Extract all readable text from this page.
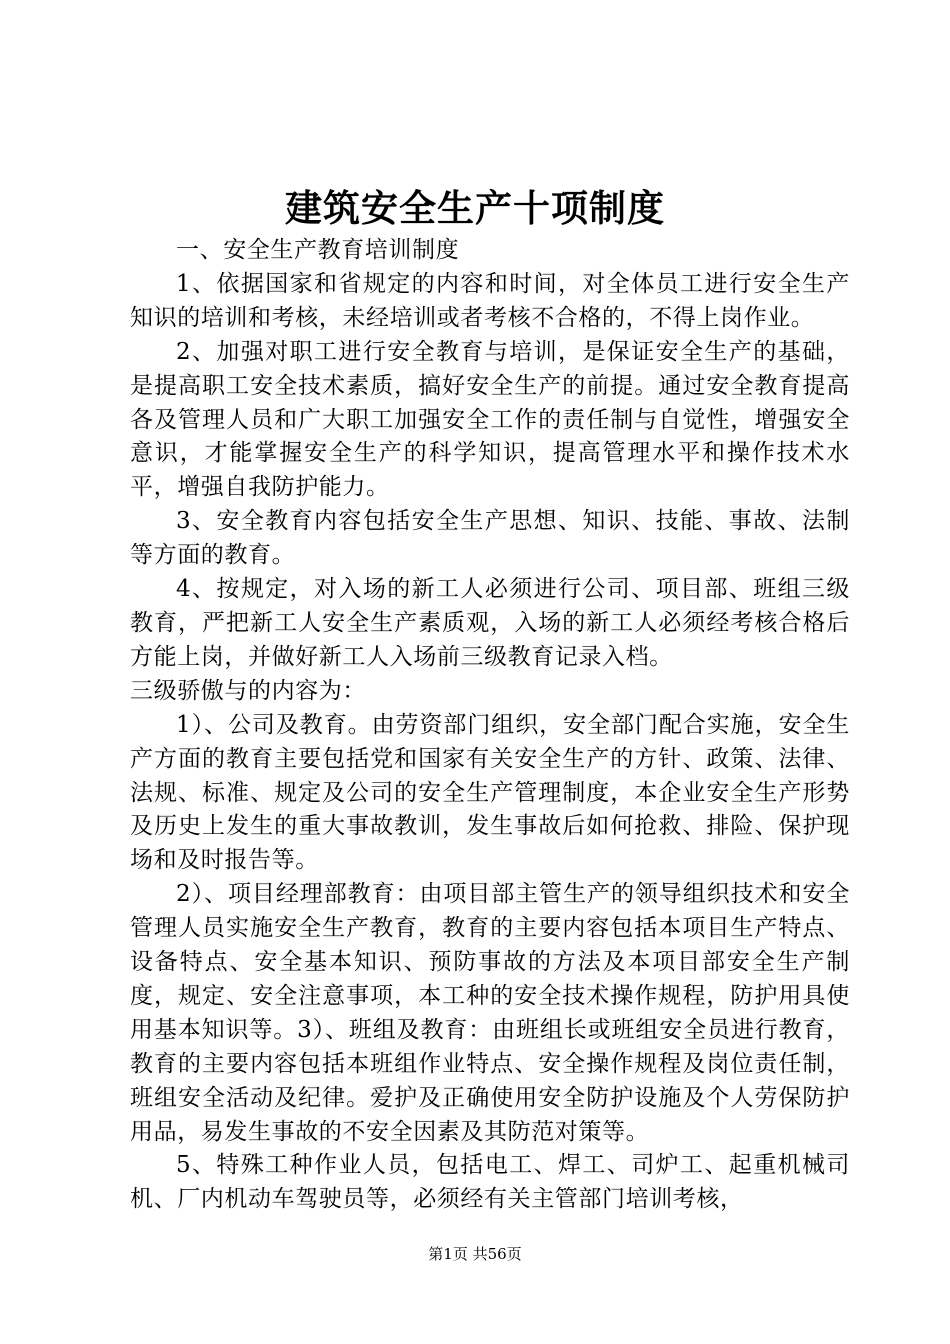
建筑安全生产十项制度

一、安全生产教育培训制度

1、依据国家和省规定的内容和时间，对全体员工进行安全生产知识的培训和考核，未经培训或者考核不合格的，不得上岗作业。

2、加强对职工进行安全教育与培训，是保证安全生产的基础，是提高职工安全技术素质，搞好安全生产的前提。通过安全教育提高各及管理人员和广大职工加强安全工作的责任制与自觉性，增强安全意识，才能掌握安全生产的科学知识，提高管理水平和操作技术水平，增强自我防护能力。

3、安全教育内容包括安全生产思想、知识、技能、事故、法制等方面的教育。

4、按规定，对入场的新工人必须进行公司、项目部、班组三级教育，严把新工人安全生产素质观，入场的新工人必须经考核合格后方能上岗，并做好新工人入场前三级教育记录入档。

三级骄傲与的内容为：

1）、公司及教育。由劳资部门组织，安全部门配合实施，安全生产方面的教育主要包括党和国家有关安全生产的方针、政策、法律、法规、标准、规定及公司的安全生产管理制度，本企业安全生产形势及历史上发生的重大事故教训，发生事故后如何抢救、排险、保护现场和及时报告等。

2）、项目经理部教育：由项目部主管生产的领导组织技术和安全管理人员实施安全生产教育，教育的主要内容包括本项目生产特点、设备特点、安全基本知识、预防事故的方法及本项目部安全生产制度，规定、安全注意事项，本工种的安全技术操作规程，防护用具使用基本知识等。3）、班组及教育：由班组长或班组安全员进行教育，教育的主要内容包括本班组作业特点、安全操作规程及岗位责任制，班组安全活动及纪律。爱护及正确使用安全防护设施及个人劳保防护用品，易发生事故的不安全因素及其防范对策等。

5、特殊工种作业人员，包括电工、焊工、司炉工、起重机械司机、厂内机动车驾驶员等，必须经有关主管部门培训考核，

第1页 共56页
